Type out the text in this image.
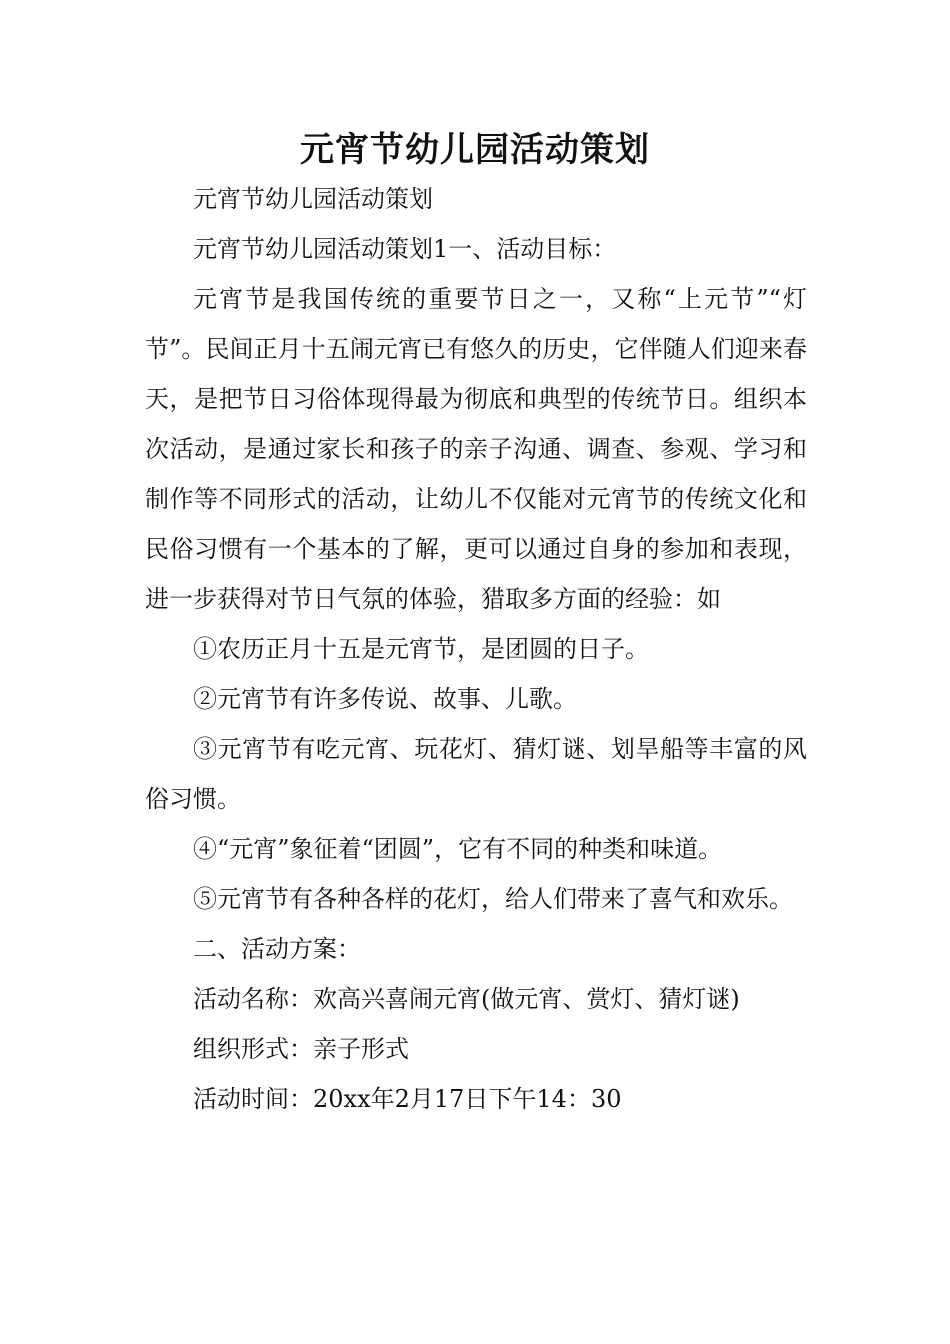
元宵节幼儿园活动策划

元宵节幼儿园活动策划

元宵节幼儿园活动策划1一、活动目标：

元宵节是我国传统的重要节日之一，又称“上元节”“灯节”。民间正月十五闹元宵已有悠久的历史，它伴随人们迎来春天，是把节日习俗体现得最为彻底和典型的传统节日。组织本次活动，是通过家长和孩子的亲子沟通、调查、参观、学习和制作等不同形式的活动，让幼儿不仅能对元宵节的传统文化和民俗习惯有一个基本的了解，更可以通过自身的参加和表现，进一步获得对节日气氛的体验，猎取多方面的经验：如

①农历正月十五是元宵节，是团圆的日子。

②元宵节有许多传说、故事、儿歌。

③元宵节有吃元宵、玩花灯、猜灯谜、划旱船等丰富的风俗习惯。

④“元宵”象征着“团圆”，它有不同的种类和味道。

⑤元宵节有各种各样的花灯，给人们带来了喜气和欢乐。

二、活动方案：

活动名称：欢高兴喜闹元宵(做元宵、赏灯、猜灯谜)

组织形式：亲子形式

活动时间：20xx年2月17日下午14：30
